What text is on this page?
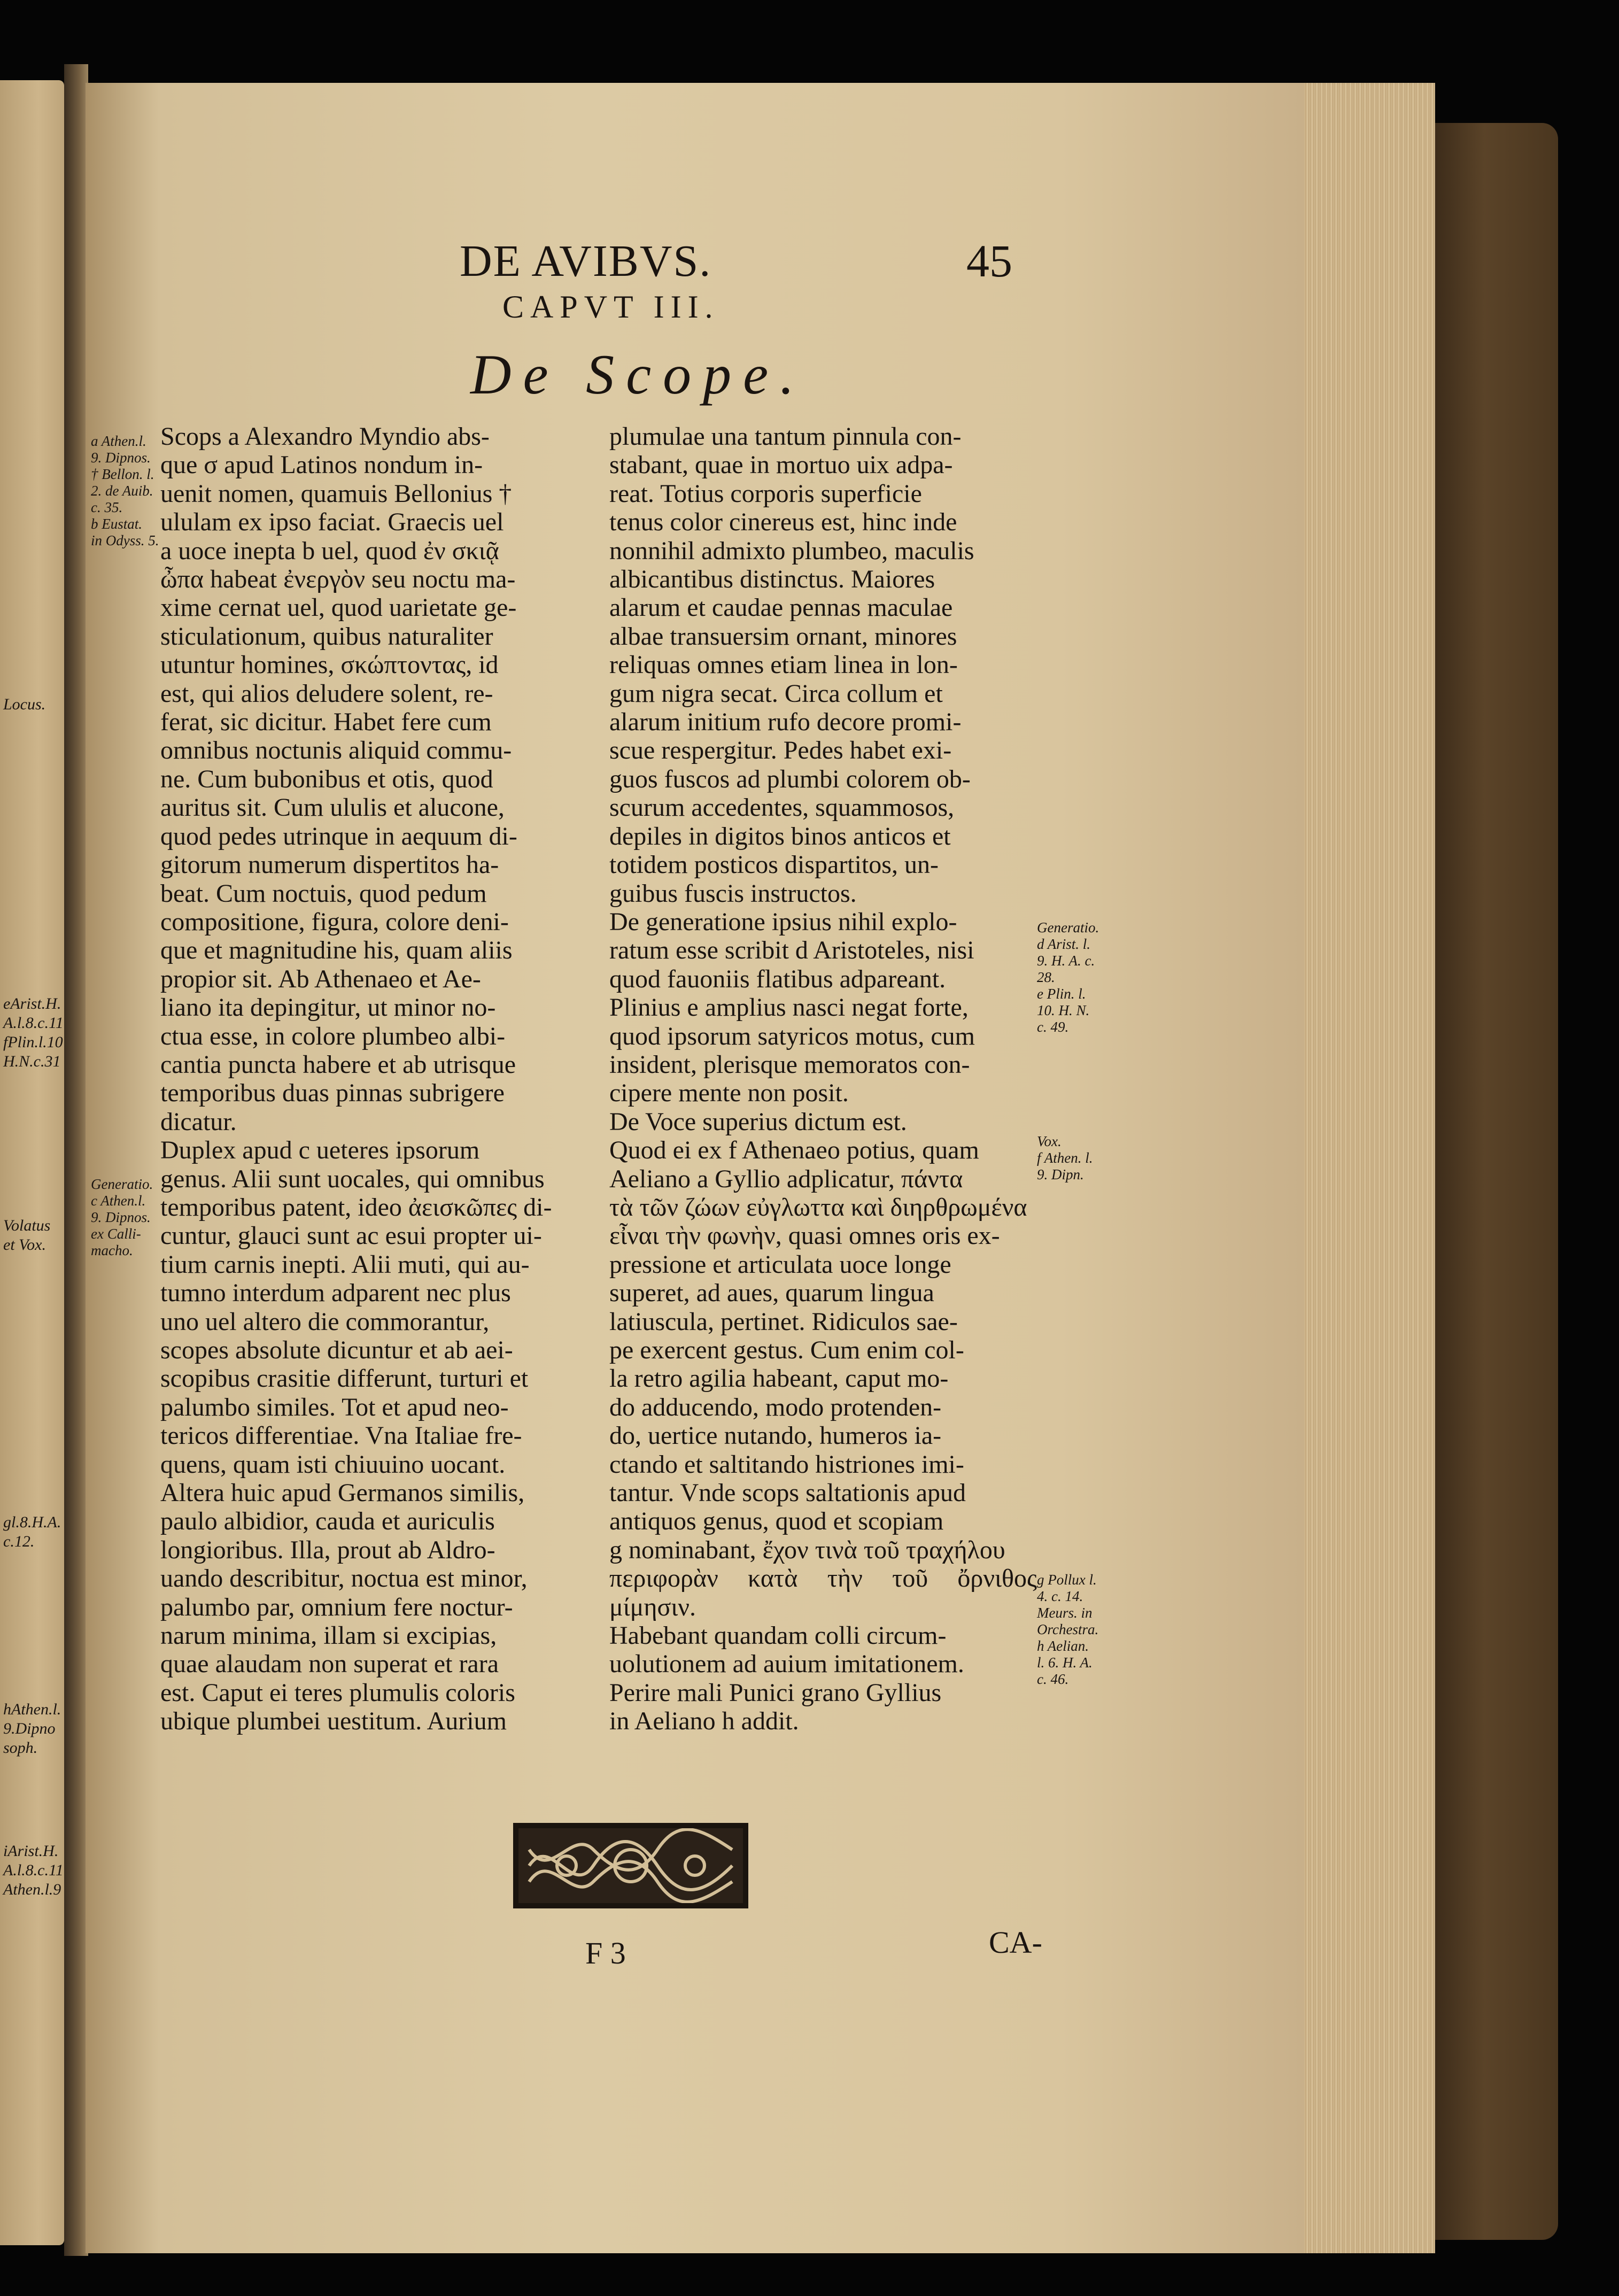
Locus.
eArist.H.
A.l.8.c.11
fPlin.l.10
H.N.c.31
Volatus
et Vox.
gl.8.H.A.
c.12.
hAthen.l.
9.Dipno
soph.
iArist.H.
A.l.8.c.11
Athen.l.9
DE AVIBVS.	45
CAPVT III.
De Scope.
a Athen.l.
9. Dipnos.
† Bellon. l.
2. de Auib.
c. 35.
b Eustat.
in Odyss. 5.
Generatio.
c Athen.l.
9. Dipnos.
ex Calli-
macho.
Generatio.
d Arist. l.
9. H. A. c.
28.
e Plin. l.
10. H. N.
c. 49.
Vox.
f Athen. l.
9. Dipn.
g Pollux l.
4. c. 14.
Meurs. in
Orchestra.
h Aelian.
l. 6. H. A.
c. 46.
Scops a Alexandro Myndio abs-
que σ apud Latinos nondum in-
uenit nomen, quamuis Bellonius †
ululam ex ipso faciat. Graecis uel
a uoce inepta b uel, quod ἐν σκιᾷ
ὦπα habeat ἐνεργὸν seu noctu ma-
xime cernat uel, quod uarietate ge-
sticulationum, quibus naturaliter
utuntur homines, σκώπτοντας, id
est, qui alios deludere solent, re-
ferat, sic dicitur. Habet fere cum
omnibus noctunis aliquid commu-
ne. Cum bubonibus et otis, quod
auritus sit. Cum ululis et alucone,
quod pedes utrinque in aequum di-
gitorum numerum dispertitos ha-
beat. Cum noctuis, quod pedum
compositione, figura, colore deni-
que et magnitudine his, quam aliis
propior sit. Ab Athenaeo et Ae-
liano ita depingitur, ut minor no-
ctua esse, in colore plumbeo albi-
cantia puncta habere et ab utrisque
temporibus duas pinnas subrigere
dicatur.
Duplex apud c ueteres ipsorum
genus. Alii sunt uocales, qui omnibus
temporibus patent, ideo ἀεισκῶπες di-
cuntur, glauci sunt ac esui propter ui-
tium carnis inepti. Alii muti, qui au-
tumno interdum adparent nec plus
uno uel altero die commorantur,
scopes absolute dicuntur et ab aei-
scopibus crasitie differunt, turturi et
palumbo similes. Tot et apud neo-
tericos differentiae. Vna Italiae fre-
quens, quam isti chiuuino uocant.
Altera huic apud Germanos similis,
paulo albidior, cauda et auriculis
longioribus. Illa, prout ab Aldro-
uando describitur, noctua est minor,
palumbo par, omnium fere noctur-
narum minima, illam si excipias,
quae alaudam non superat et rara
est. Caput ei teres plumulis coloris
ubique plumbei uestitum. Aurium
plumulae una tantum pinnula con-
stabant, quae in mortuo uix adpa-
reat. Totius corporis superficie
tenus color cinereus est, hinc inde
nonnihil admixto plumbeo, maculis
albicantibus distinctus. Maiores
alarum et caudae pennas maculae
albae transuersim ornant, minores
reliquas omnes etiam linea in lon-
gum nigra secat. Circa collum et
alarum initium rufo decore promi-
scue respergitur. Pedes habet exi-
guos fuscos ad plumbi colorem ob-
scurum accedentes, squammosos,
depiles in digitos binos anticos et
totidem posticos dispartitos, un-
guibus fuscis instructos.
De generatione ipsius nihil explo-
ratum esse scribit d Aristoteles, nisi
quod fauoniis flatibus adpareant.
Plinius e amplius nasci negat forte,
quod ipsorum satyricos motus, cum
insident, plerisque memoratos con-
cipere mente non posit.
De Voce superius dictum est.
Quod ei ex f Athenaeo potius, quam
Aeliano a Gyllio adplicatur, πάντα
τὰ τῶν ζώων εὐγλωττα καὶ διηρθρωμένα
εἶναι τὴν φωνὴν, quasi omnes oris ex-
pressione et articulata uoce longe
superet, ad aues, quarum lingua
latiuscula, pertinet. Ridiculos sae-
pe exercent gestus. Cum enim col-
la retro agilia habeant, caput mo-
do adducendo, modo protenden-
do, uertice nutando, humeros ia-
ctando et saltitando histriones imi-
tantur. Vnde scops saltationis apud
antiquos genus, quod et scopiam
g nominabant, ἔχον τινὰ τοῦ τραχήλου
περιφορὰν κατὰ τὴν τοῦ ὄρνιθος μίμησιν.
Habebant quandam colli circum-
uolutionem ad auium imitationem.
Perire mali Punici grano Gyllius
in Aeliano h addit.
F 3	CA-
